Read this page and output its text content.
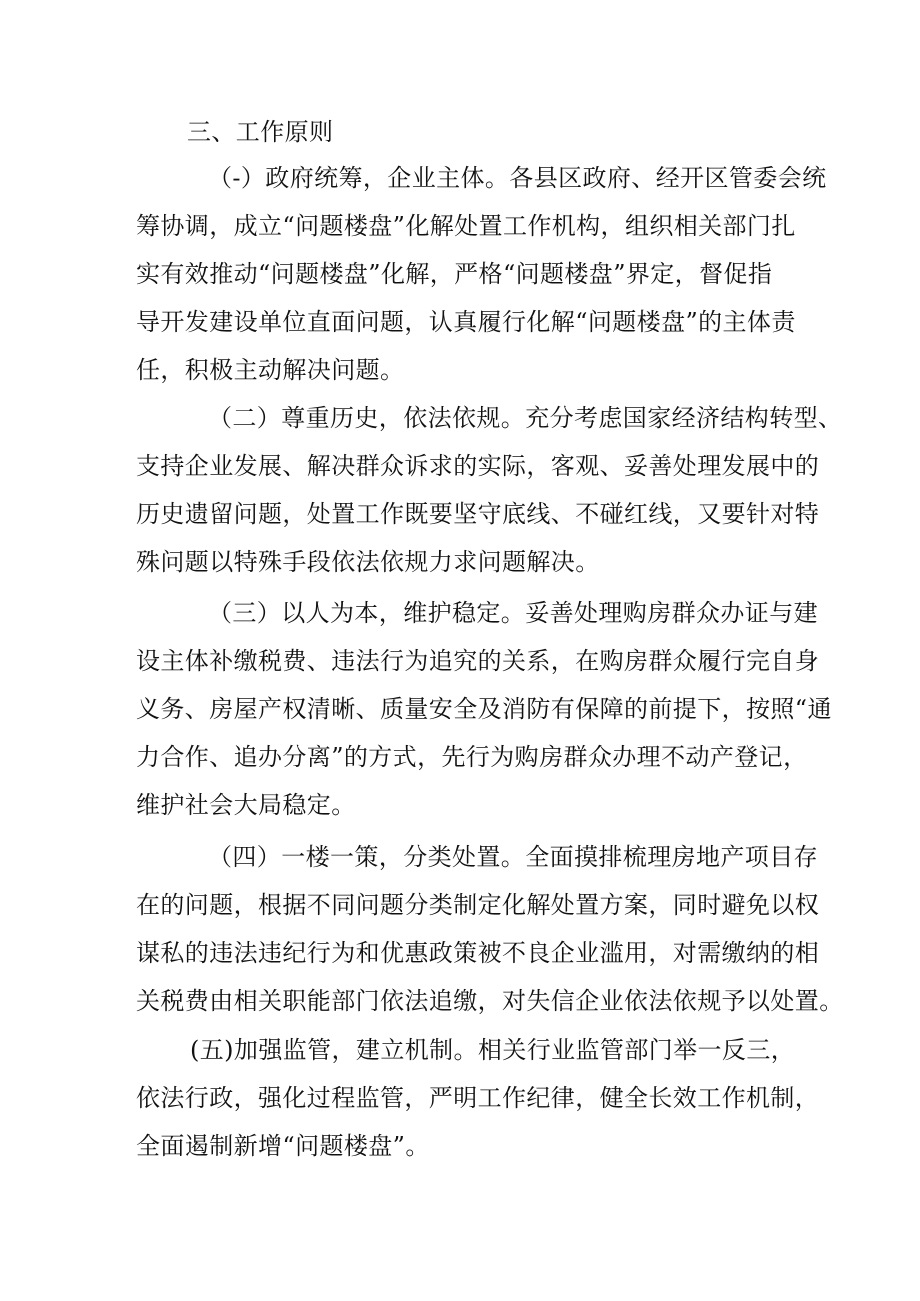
三、工作原则
（-）政府统筹，企业主体。各县区政府、经开区管委会统
筹协调，成立“问题楼盘”化解处置工作机构，组织相关部门扎
实有效推动“问题楼盘”化解，严格“问题楼盘”界定，督促指
导开发建设单位直面问题，认真履行化解“问题楼盘”的主体责
任，积极主动解决问题。
（二）尊重历史，依法依规。充分考虑国家经济结构转型、
支持企业发展、解决群众诉求的实际，客观、妥善处理发展中的
历史遗留问题，处置工作既要坚守底线、不碰红线，又要针对特
殊问题以特殊手段依法依规力求问题解决。
（三）以人为本，维护稳定。妥善处理购房群众办证与建
设主体补缴税费、违法行为追究的关系，在购房群众履行完自身
义务、房屋产权清晰、质量安全及消防有保障的前提下，按照“通
力合作、追办分离”的方式，先行为购房群众办理不动产登记，
维护社会大局稳定。
（四）一楼一策，分类处置。全面摸排梳理房地产项目存
在的问题，根据不同问题分类制定化解处置方案，同时避免以权
谋私的违法违纪行为和优惠政策被不良企业滥用，对需缴纳的相
关税费由相关职能部门依法追缴，对失信企业依法依规予以处置。
(五)加强监管，建立机制。相关行业监管部门举一反三，
依法行政，强化过程监管，严明工作纪律，健全长效工作机制，
全面遏制新增“问题楼盘”。
